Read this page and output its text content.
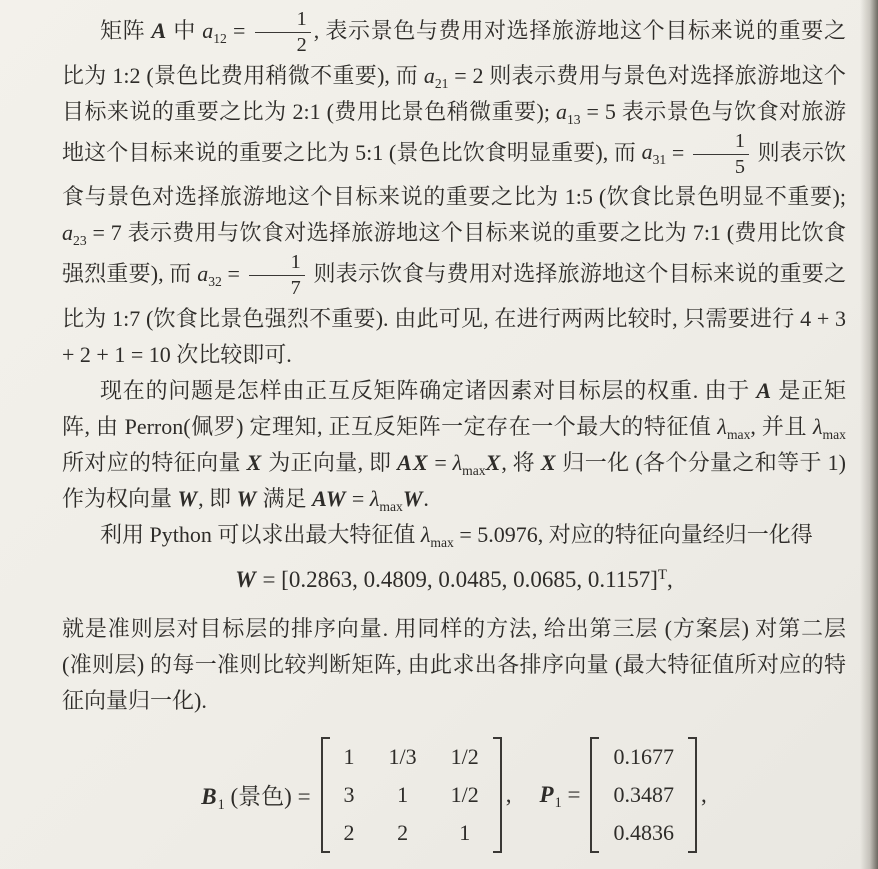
矩阵 A 中 $a_{12} = \frac{1}{2}$ , 表示景色与费用对选择旅游地这个目标来说的重要之比为 1:2 (景色比费用稍微不重要), 而 $a_{21} = 2$ 则表示费用与景色对选择旅游地这个目标来说的重要之比为 2:1 (费用比景色稍微重要); $a_{13} = 5$ 表示景色与饮食对旅游地这个目标来说的重要之比为 5:1 (景色比饮食明显重要), 而 $a_{31} = \frac{1}{5}$ 则表示饮食与景色对选择旅游地这个目标来说的重要之比为 1:5 (饮食比景色明显不重要); $a_{23} = 7$ 表示费用与饮食对选择旅游地这个目标来说的重要之比为 7:1 (费用比饮食强烈重要), 而 $a_{32} = \frac{1}{7}$ 则表示饮食与费用对选择旅游地这个目标来说的重要之比为 1:7 (饮食比景色强烈不重要). 由此可见, 在进行两两比较时, 只需要进行 4 + 3 + 2 + 1 = 10 次比较即可.

现在的问题是怎样由正互反矩阵确定诸因素对目标层的权重. 由于 A 是正矩阵, 由 Perron(佩罗) 定理知, 正互反矩阵一定存在一个最大的特征值 $\lambda_{max}$, 并且 $\lambda_{max}$ 所对应的特征向量 X 为正向量, 即 AX = $\lambda_{max}X$, 将 X 归一化 (各个分量之和等于 1) 作为权向量 W, 即 W 满足 AW = $\lambda_{max}W$.

利用 Python 可以求出最大特征值 $\lambda_{max} = 5.0976$, 对应的特征向量经归一化得

W = [0.2863, 0.4809, 0.0485, 0.0685, 0.1157]$^T$,

就是准则层对目标层的排序向量. 用同样的方法, 给出第三层 (方案层) 对第二层 (准则层) 的每一准则比较判断矩阵, 由此求出各排序向量 (最大特征值所对应的特征向量归一化).

$B_1$ (景色) =
1 1/3 1/2
3 1 1/2
2 2 1
, $P_1$ =
0.1677
0.3487
0.4836
,
